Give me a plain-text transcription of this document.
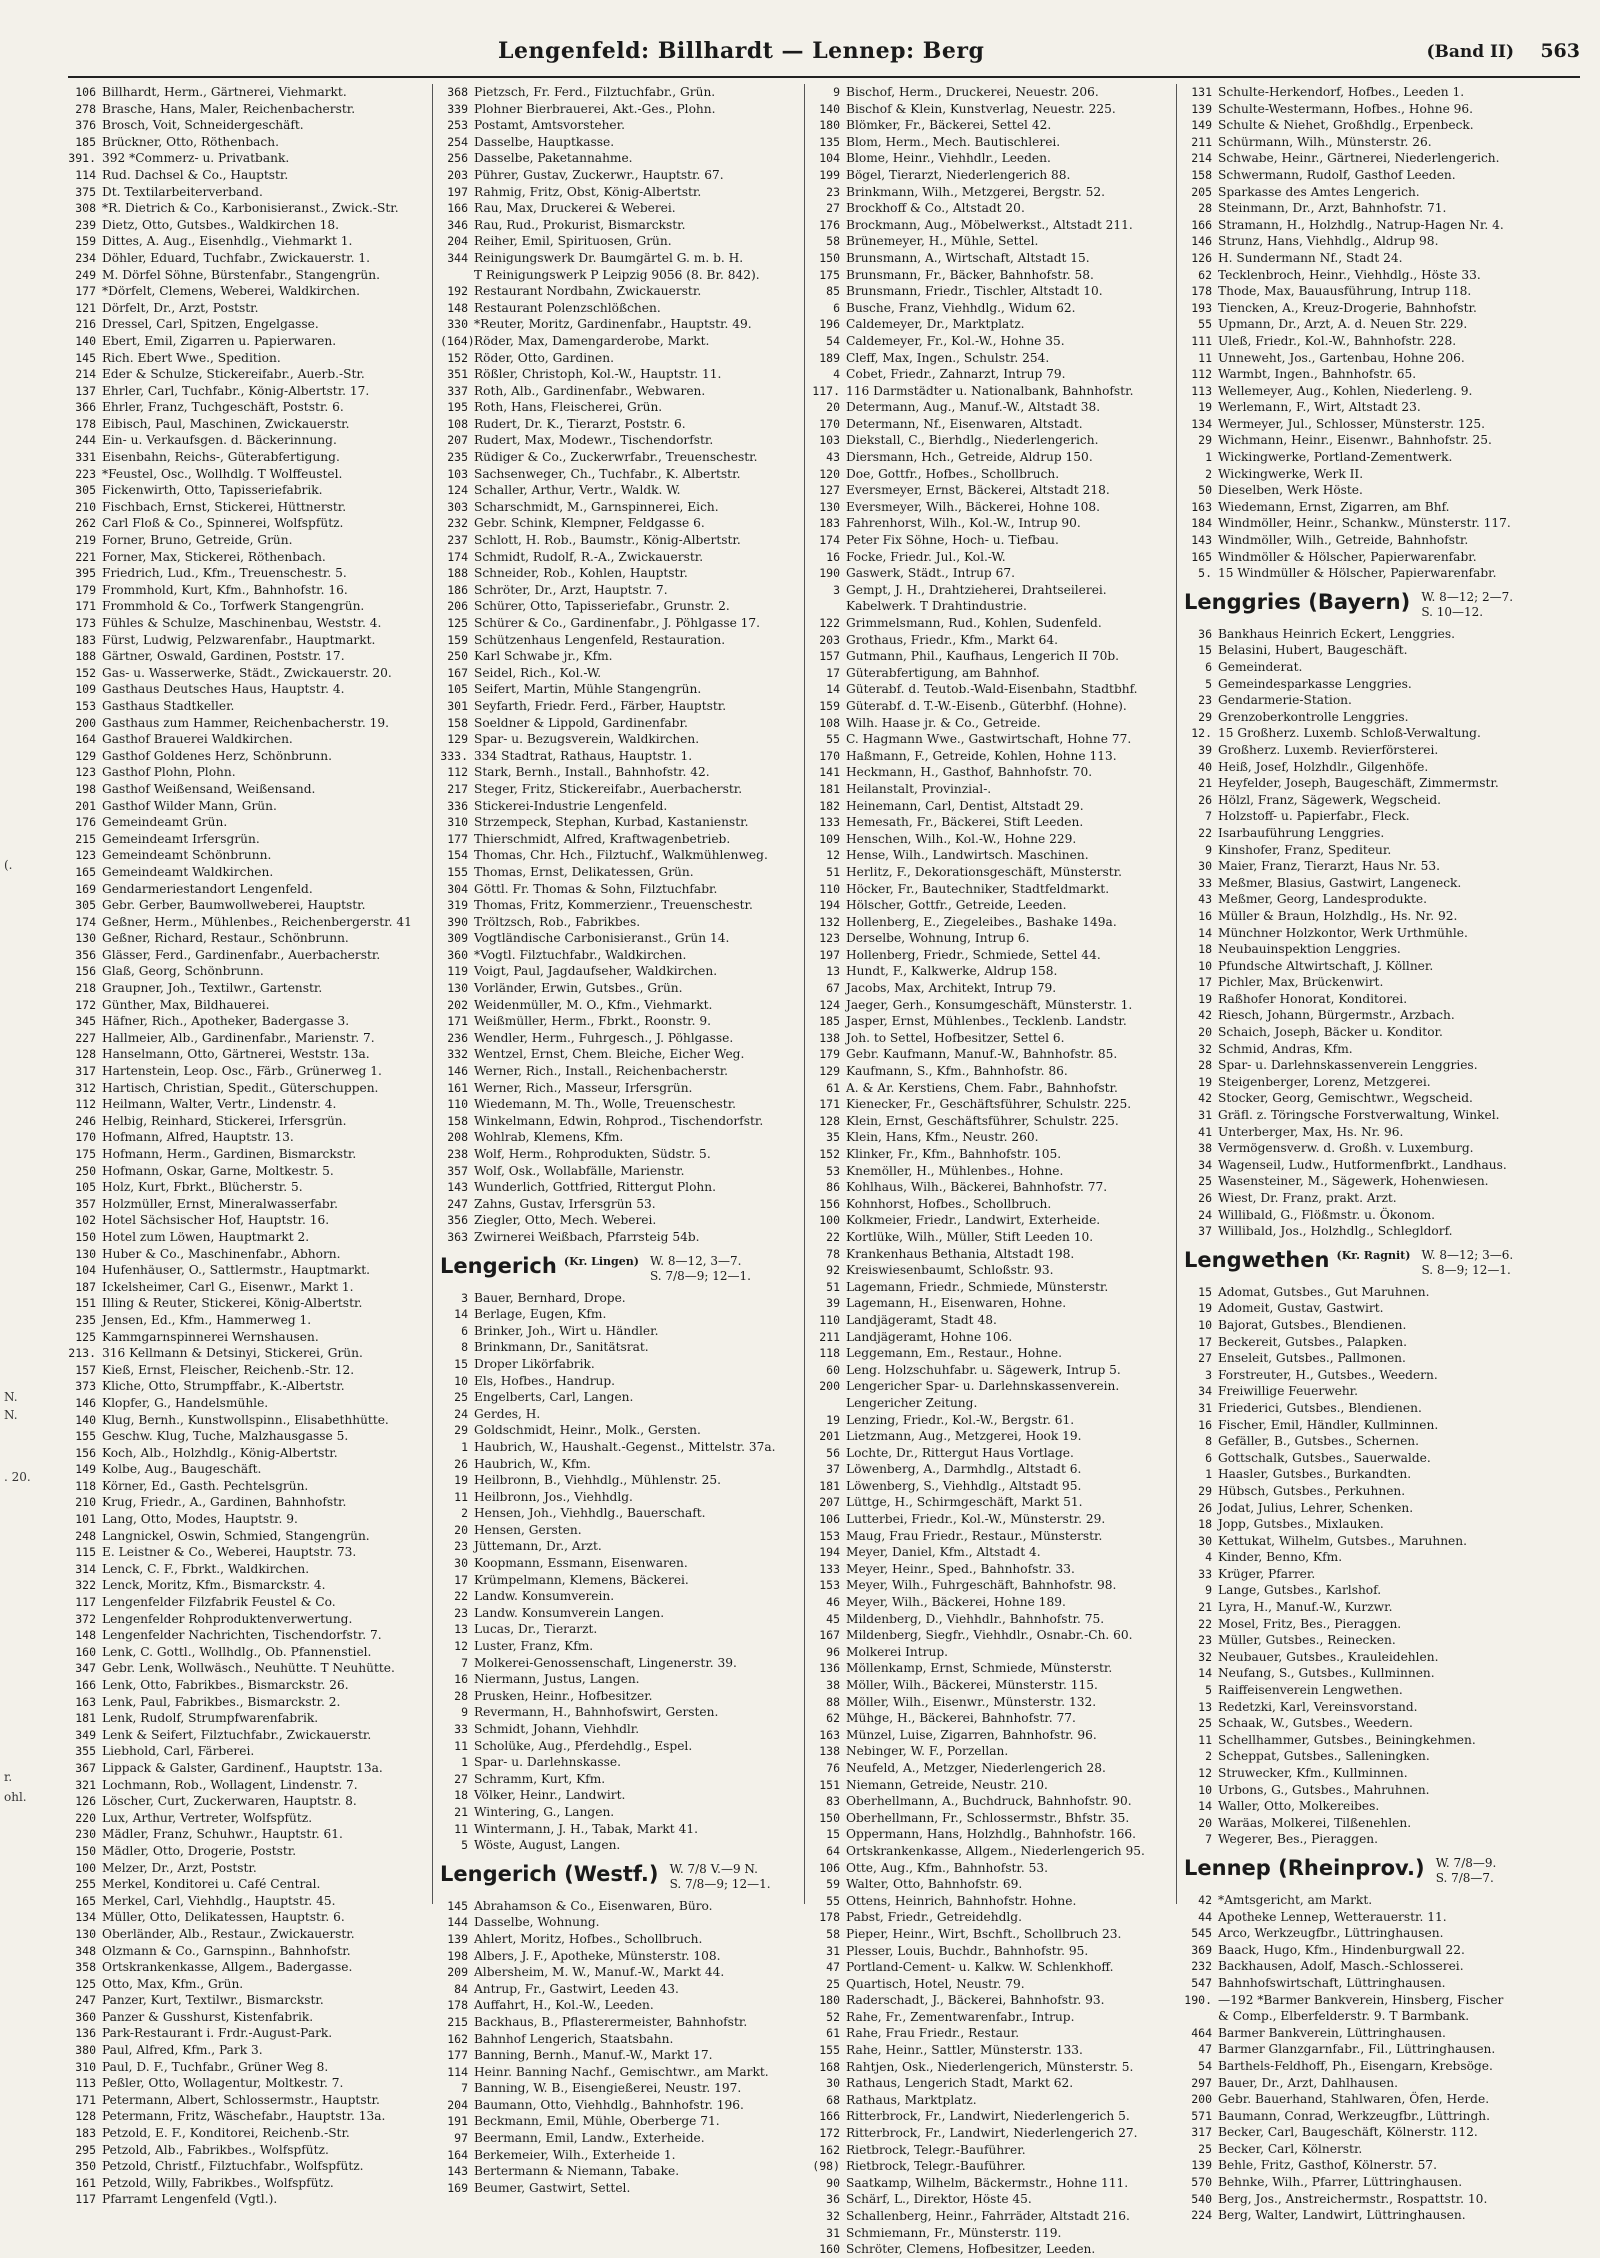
(.
N.
N.
. 20.
r.
ohl.
Lengenfeld: Billhardt — Lennep: Berg	(Band II) 563
106 Billhardt, Herm., Gärtnerei, Viehmarkt.
278 Brasche, Hans, Maler, Reichenbacherstr.
376 Brosch, Voit, Schneidergeschäft.
185 Brückner, Otto, Röthenbach.
391. 392 *Commerz- u. Privatbank.
114 Rud. Dachsel & Co., Hauptstr.
375 Dt. Textilarbeiterverband.
308 *R. Dietrich & Co., Karbonisieranst., Zwick.-Str.
239 Dietz, Otto, Gutsbes., Waldkirchen 18.
159 Dittes, A. Aug., Eisenhdlg., Viehmarkt 1.
234 Döhler, Eduard, Tuchfabr., Zwickauerstr. 1.
249 M. Dörfel Söhne, Bürstenfabr., Stangengrün.
177 *Dörfelt, Clemens, Weberei, Waldkirchen.
121 Dörfelt, Dr., Arzt, Poststr.
216 Dressel, Carl, Spitzen, Engelgasse.
140 Ebert, Emil, Zigarren u. Papierwaren.
145 Rich. Ebert Wwe., Spedition.
214 Eder & Schulze, Stickereifabr., Auerb.-Str.
137 Ehrler, Carl, Tuchfabr., König-Albertstr. 17.
366 Ehrler, Franz, Tuchgeschäft, Poststr. 6.
178 Eibisch, Paul, Maschinen, Zwickauerstr.
244 Ein- u. Verkaufsgen. d. Bäckerinnung.
331 Eisenbahn, Reichs-, Güterabfertigung.
223 *Feustel, Osc., Wollhdlg. T Wolffeustel.
305 Fickenwirth, Otto, Tapisseriefabrik.
210 Fischbach, Ernst, Stickerei, Hüttnerstr.
262 Carl Floß & Co., Spinnerei, Wolfspfütz.
219 Forner, Bruno, Getreide, Grün.
221 Forner, Max, Stickerei, Röthenbach.
395 Friedrich, Lud., Kfm., Treuenschestr. 5.
179 Frommhold, Kurt, Kfm., Bahnhofstr. 16.
171 Frommhold & Co., Torfwerk Stangengrün.
173 Fühles & Schulze, Maschinenbau, Weststr. 4.
183 Fürst, Ludwig, Pelzwarenfabr., Hauptmarkt.
188 Gärtner, Oswald, Gardinen, Poststr. 17.
152 Gas- u. Wasserwerke, Städt., Zwickauerstr. 20.
109 Gasthaus Deutsches Haus, Hauptstr. 4.
153 Gasthaus Stadtkeller.
200 Gasthaus zum Hammer, Reichenbacherstr. 19.
164 Gasthof Brauerei Waldkirchen.
129 Gasthof Goldenes Herz, Schönbrunn.
123 Gasthof Plohn, Plohn.
198 Gasthof Weißensand, Weißensand.
201 Gasthof Wilder Mann, Grün.
176 Gemeindeamt Grün.
215 Gemeindeamt Irfersgrün.
123 Gemeindeamt Schönbrunn.
165 Gemeindeamt Waldkirchen.
169 Gendarmeriestandort Lengenfeld.
305 Gebr. Gerber, Baumwollweberei, Hauptstr.
174 Geßner, Herm., Mühlenbes., Reichenbergerstr. 41
130 Geßner, Richard, Restaur., Schönbrunn.
356 Glässer, Ferd., Gardinenfabr., Auerbacherstr.
156 Glaß, Georg, Schönbrunn.
218 Graupner, Joh., Textilwr., Gartenstr.
172 Günther, Max, Bildhauerei.
345 Häfner, Rich., Apotheker, Badergasse 3.
227 Hallmeier, Alb., Gardinenfabr., Marienstr. 7.
128 Hanselmann, Otto, Gärtnerei, Weststr. 13a.
317 Hartenstein, Leop. Osc., Färb., Grünerweg 1.
312 Hartisch, Christian, Spedit., Güterschuppen.
112 Heilmann, Walter, Vertr., Lindenstr. 4.
246 Helbig, Reinhard, Stickerei, Irfersgrün.
170 Hofmann, Alfred, Hauptstr. 13.
175 Hofmann, Herm., Gardinen, Bismarckstr.
250 Hofmann, Oskar, Garne, Moltkestr. 5.
105 Holz, Kurt, Fbrkt., Blücherstr. 5.
357 Holzmüller, Ernst, Mineralwasserfabr.
102 Hotel Sächsischer Hof, Hauptstr. 16.
150 Hotel zum Löwen, Hauptmarkt 2.
130 Huber & Co., Maschinenfabr., Abhorn.
104 Hufenhäuser, O., Sattlermstr., Hauptmarkt.
187 Ickelsheimer, Carl G., Eisenwr., Markt 1.
151 Illing & Reuter, Stickerei, König-Albertstr.
235 Jensen, Ed., Kfm., Hammerweg 1.
125 Kammgarnspinnerei Wernshausen.
213. 316 Kellmann & Detsinyi, Stickerei, Grün.
157 Kieß, Ernst, Fleischer, Reichenb.-Str. 12.
373 Kliche, Otto, Strumpffabr., K.-Albertstr.
146 Klopfer, G., Handelsmühle.
140 Klug, Bernh., Kunstwollspinn., Elisabethhütte.
155 Geschw. Klug, Tuche, Malzhausgasse 5.
156 Koch, Alb., Holzhdlg., König-Albertstr.
149 Kolbe, Aug., Baugeschäft.
118 Körner, Ed., Gasth. Pechtelsgrün.
210 Krug, Friedr., A., Gardinen, Bahnhofstr.
101 Lang, Otto, Modes, Hauptstr. 9.
248 Langnickel, Oswin, Schmied, Stangengrün.
115 E. Leistner & Co., Weberei, Hauptstr. 73.
314 Lenck, C. F., Fbrkt., Waldkirchen.
322 Lenck, Moritz, Kfm., Bismarckstr. 4.
117 Lengenfelder Filzfabrik Feustel & Co.
372 Lengenfelder Rohproduktenverwertung.
148 Lengenfelder Nachrichten, Tischendorfstr. 7.
160 Lenk, C. Gottl., Wollhdlg., Ob. Pfannenstiel.
347 Gebr. Lenk, Wollwäsch., Neuhütte. T Neuhütte.
166 Lenk, Otto, Fabrikbes., Bismarckstr. 26.
163 Lenk, Paul, Fabrikbes., Bismarckstr. 2.
181 Lenk, Rudolf, Strumpfwarenfabrik.
349 Lenk & Seifert, Filztuchfabr., Zwickauerstr.
355 Liebhold, Carl, Färberei.
367 Lippack & Galster, Gardinenf., Hauptstr. 13a.
321 Lochmann, Rob., Wollagent, Lindenstr. 7.
126 Löscher, Curt, Zuckerwaren, Hauptstr. 8.
220 Lux, Arthur, Vertreter, Wolfspfütz.
230 Mädler, Franz, Schuhwr., Hauptstr. 61.
150 Mädler, Otto, Drogerie, Poststr.
100 Melzer, Dr., Arzt, Poststr.
255 Merkel, Konditorei u. Café Central.
165 Merkel, Carl, Viehhdlg., Hauptstr. 45.
134 Müller, Otto, Delikatessen, Hauptstr. 6.
130 Oberländer, Alb., Restaur., Zwickauerstr.
348 Olzmann & Co., Garnspinn., Bahnhofstr.
358 Ortskrankenkasse, Allgem., Badergasse.
125 Otto, Max, Kfm., Grün.
247 Panzer, Kurt, Textilwr., Bismarckstr.
360 Panzer & Gusshurst, Kistenfabrik.
136 Park-Restaurant i. Frdr.-August-Park.
380 Paul, Alfred, Kfm., Park 3.
310 Paul, D. F., Tuchfabr., Grüner Weg 8.
113 Peßler, Otto, Wollagentur, Moltkestr. 7.
171 Petermann, Albert, Schlossermstr., Hauptstr.
128 Petermann, Fritz, Wäschefabr., Hauptstr. 13a.
183 Petzold, E. F., Konditorei, Reichenb.-Str.
295 Petzold, Alb., Fabrikbes., Wolfspfütz.
350 Petzold, Christf., Filztuchfabr., Wolfspfütz.
161 Petzold, Willy, Fabrikbes., Wolfspfütz.
117 Pfarramt Lengenfeld (Vgtl.).
368 Pietzsch, Fr. Ferd., Filztuchfabr., Grün.
339 Plohner Bierbrauerei, Akt.-Ges., Plohn.
253 Postamt, Amtsvorsteher.
254 Dasselbe, Hauptkasse.
256 Dasselbe, Paketannahme.
203 Pührer, Gustav, Zuckerwr., Hauptstr. 67.
197 Rahmig, Fritz, Obst, König-Albertstr.
166 Rau, Max, Druckerei & Weberei.
346 Rau, Rud., Prokurist, Bismarckstr.
204 Reiher, Emil, Spirituosen, Grün.
344 Reinigungswerk Dr. Baumgärtel G. m. b. H.
T Reinigungswerk P Leipzig 9056 (8. Br. 842).
192 Restaurant Nordbahn, Zwickauerstr.
148 Restaurant Polenzschlößchen.
330 *Reuter, Moritz, Gardinenfabr., Hauptstr. 49.
(164)Röder, Max, Damengarderobe, Markt.
152 Röder, Otto, Gardinen.
351 Rößler, Christoph, Kol.-W., Hauptstr. 11.
337 Roth, Alb., Gardinenfabr., Webwaren.
195 Roth, Hans, Fleischerei, Grün.
108 Rudert, Dr. K., Tierarzt, Poststr. 6.
207 Rudert, Max, Modewr., Tischendorfstr.
235 Rüdiger & Co., Zuckerwrfabr., Treuenschestr.
103 Sachsenweger, Ch., Tuchfabr., K. Albertstr.
124 Schaller, Arthur, Vertr., Waldk. W.
303 Scharschmidt, M., Garnspinnerei, Eich.
232 Gebr. Schink, Klempner, Feldgasse 6.
237 Schlott, H. Rob., Baumstr., König-Albertstr.
174 Schmidt, Rudolf, R.-A., Zwickauerstr.
188 Schneider, Rob., Kohlen, Hauptstr.
186 Schröter, Dr., Arzt, Hauptstr. 7.
206 Schürer, Otto, Tapisseriefabr., Grunstr. 2.
125 Schürer & Co., Gardinenfabr., J. Pöhlgasse 17.
159 Schützenhaus Lengenfeld, Restauration.
250 Karl Schwabe jr., Kfm.
167 Seidel, Rich., Kol.-W.
105 Seifert, Martin, Mühle Stangengrün.
301 Seyfarth, Friedr. Ferd., Färber, Hauptstr.
158 Soeldner & Lippold, Gardinenfabr.
129 Spar- u. Bezugsverein, Waldkirchen.
333. 334 Stadtrat, Rathaus, Hauptstr. 1.
112 Stark, Bernh., Install., Bahnhofstr. 42.
217 Steger, Fritz, Stickereifabr., Auerbacherstr.
336 Stickerei-Industrie Lengenfeld.
310 Strzempeck, Stephan, Kurbad, Kastanienstr.
177 Thierschmidt, Alfred, Kraftwagenbetrieb.
154 Thomas, Chr. Hch., Filztuchf., Walkmühlenweg.
155 Thomas, Ernst, Delikatessen, Grün.
304 Göttl. Fr. Thomas & Sohn, Filztuchfabr.
319 Thomas, Fritz, Kommerzienr., Treuenschestr.
390 Tröltzsch, Rob., Fabrikbes.
309 Vogtländische Carbonisieranst., Grün 14.
360 *Vogtl. Filztuchfabr., Waldkirchen.
119 Voigt, Paul, Jagdaufseher, Waldkirchen.
130 Vorländer, Erwin, Gutsbes., Grün.
202 Weidenmüller, M. O., Kfm., Viehmarkt.
171 Weißmüller, Herm., Fbrkt., Roonstr. 9.
236 Wendler, Herm., Fuhrgesch., J. Pöhlgasse.
332 Wentzel, Ernst, Chem. Bleiche, Eicher Weg.
146 Werner, Rich., Install., Reichenbacherstr.
161 Werner, Rich., Masseur, Irfersgrün.
110 Wiedemann, M. Th., Wolle, Treuenschestr.
158 Winkelmann, Edwin, Rohprod., Tischendorfstr.
208 Wohlrab, Klemens, Kfm.
238 Wolf, Herm., Rohprodukten, Südstr. 5.
357 Wolf, Osk., Wollabfälle, Marienstr.
143 Wunderlich, Gottfried, Rittergut Plohn.
247 Zahns, Gustav, Irfersgrün 53.
356 Ziegler, Otto, Mech. Weberei.
363 Zwirnerei Weißbach, Pfarrsteig 54b.
Lengerich (Kr. Lingen) W. 8—12, 3—7.
S. 7/8—9; 12—1.
3 Bauer, Bernhard, Drope.
14 Berlage, Eugen, Kfm.
6 Brinker, Joh., Wirt u. Händler.
8 Brinkmann, Dr., Sanitätsrat.
15 Droper Likörfabrik.
10 Els, Hofbes., Handrup.
25 Engelberts, Carl, Langen.
24 Gerdes, H.
29 Goldschmidt, Heinr., Molk., Gersten.
1 Haubrich, W., Haushalt.-Gegenst., Mittelstr. 37a.
26 Haubrich, W., Kfm.
19 Heilbronn, B., Viehhdlg., Mühlenstr. 25.
11 Heilbronn, Jos., Viehhdlg.
2 Hensen, Joh., Viehhdlg., Bauerschaft.
20 Hensen, Gersten.
23 Jüttemann, Dr., Arzt.
30 Koopmann, Essmann, Eisenwaren.
17 Krümpelmann, Klemens, Bäckerei.
22 Landw. Konsumverein.
23 Landw. Konsumverein Langen.
13 Lucas, Dr., Tierarzt.
12 Luster, Franz, Kfm.
7 Molkerei-Genossenschaft, Lingenerstr. 39.
16 Niermann, Justus, Langen.
28 Prusken, Heinr., Hofbesitzer.
9 Revermann, H., Bahnhofswirt, Gersten.
33 Schmidt, Johann, Viehhdlr.
11 Scholüke, Aug., Pferdehdlg., Espel.
1 Spar- u. Darlehnskasse.
27 Schramm, Kurt, Kfm.
18 Völker, Heinr., Landwirt.
21 Wintering, G., Langen.
11 Wintermann, J. H., Tabak, Markt 41.
5 Wöste, August, Langen.
Lengerich (Westf.) W. 7/8 V.—9 N.
S. 7/8—9; 12—1.
145 Abrahamson & Co., Eisenwaren, Büro.
144 Dasselbe, Wohnung.
139 Ahlert, Moritz, Hofbes., Schollbruch.
198 Albers, J. F., Apotheke, Münsterstr. 108.
209 Albersheim, M. W., Manuf.-W., Markt 44.
84 Antrup, Fr., Gastwirt, Leeden 43.
178 Auffahrt, H., Kol.-W., Leeden.
215 Backhaus, B., Pflasterermeister, Bahnhofstr.
162 Bahnhof Lengerich, Staatsbahn.
177 Banning, Bernh., Manuf.-W., Markt 17.
114 Heinr. Banning Nachf., Gemischtwr., am Markt.
7 Banning, W. B., Eisengießerei, Neustr. 197.
204 Baumann, Otto, Viehhdlg., Bahnhofstr. 196.
191 Beckmann, Emil, Mühle, Oberberge 71.
97 Beermann, Emil, Landw., Exterheide.
164 Berkemeier, Wilh., Exterheide 1.
143 Bertermann & Niemann, Tabake.
169 Beumer, Gastwirt, Settel.
9 Bischof, Herm., Druckerei, Neuestr. 206.
140 Bischof & Klein, Kunstverlag, Neuestr. 225.
180 Blömker, Fr., Bäckerei, Settel 42.
135 Blom, Herm., Mech. Bautischlerei.
104 Blome, Heinr., Viehhdlr., Leeden.
199 Bögel, Tierarzt, Niederlengerich 88.
23 Brinkmann, Wilh., Metzgerei, Bergstr. 52.
27 Brockhoff & Co., Altstadt 20.
176 Brockmann, Aug., Möbelwerkst., Altstadt 211.
58 Brünemeyer, H., Mühle, Settel.
150 Brunsmann, A., Wirtschaft, Altstadt 15.
175 Brunsmann, Fr., Bäcker, Bahnhofstr. 58.
85 Brunsmann, Friedr., Tischler, Altstadt 10.
6 Busche, Franz, Viehhdlg., Widum 62.
196 Caldemeyer, Dr., Marktplatz.
54 Caldemeyer, Fr., Kol.-W., Hohne 35.
189 Cleff, Max, Ingen., Schulstr. 254.
4 Cobet, Friedr., Zahnarzt, Intrup 79.
117. 116 Darmstädter u. Nationalbank, Bahnhofstr.
20 Determann, Aug., Manuf.-W., Altstadt 38.
170 Determann, Nf., Eisenwaren, Altstadt.
103 Diekstall, C., Bierhdlg., Niederlengerich.
43 Diersmann, Hch., Getreide, Aldrup 150.
120 Doe, Gottfr., Hofbes., Schollbruch.
127 Eversmeyer, Ernst, Bäckerei, Altstadt 218.
130 Eversmeyer, Wilh., Bäckerei, Hohne 108.
183 Fahrenhorst, Wilh., Kol.-W., Intrup 90.
174 Peter Fix Söhne, Hoch- u. Tiefbau.
16 Focke, Friedr. Jul., Kol.-W.
190 Gaswerk, Städt., Intrup 67.
3 Gempt, J. H., Drahtzieherei, Drahtseilerei.
Kabelwerk. T Drahtindustrie.
122 Grimmelsmann, Rud., Kohlen, Sudenfeld.
203 Grothaus, Friedr., Kfm., Markt 64.
157 Gutmann, Phil., Kaufhaus, Lengerich II 70b.
17 Güterabfertigung, am Bahnhof.
14 Güterabf. d. Teutob.-Wald-Eisenbahn, Stadtbhf.
159 Güterabf. d. T.-W.-Eisenb., Güterbhf. (Hohne).
108 Wilh. Haase jr. & Co., Getreide.
55 C. Hagmann Wwe., Gastwirtschaft, Hohne 77.
170 Haßmann, F., Getreide, Kohlen, Hohne 113.
141 Heckmann, H., Gasthof, Bahnhofstr. 70.
181 Heilanstalt, Provinzial-.
182 Heinemann, Carl, Dentist, Altstadt 29.
133 Hemesath, Fr., Bäckerei, Stift Leeden.
109 Henschen, Wilh., Kol.-W., Hohne 229.
12 Hense, Wilh., Landwirtsch. Maschinen.
51 Herlitz, F., Dekorationsgeschäft, Münsterstr.
110 Höcker, Fr., Bautechniker, Stadtfeldmarkt.
194 Hölscher, Gottfr., Getreide, Leeden.
132 Hollenberg, E., Ziegeleibes., Bashake 149a.
123 Derselbe, Wohnung, Intrup 6.
197 Hollenberg, Friedr., Schmiede, Settel 44.
13 Hundt, F., Kalkwerke, Aldrup 158.
67 Jacobs, Max, Architekt, Intrup 79.
124 Jaeger, Gerh., Konsumgeschäft, Münsterstr. 1.
185 Jasper, Ernst, Mühlenbes., Tecklenb. Landstr.
138 Joh. to Settel, Hofbesitzer, Settel 6.
179 Gebr. Kaufmann, Manuf.-W., Bahnhofstr. 85.
129 Kaufmann, S., Kfm., Bahnhofstr. 86.
61 A. & Ar. Kerstiens, Chem. Fabr., Bahnhofstr.
171 Kienecker, Fr., Geschäftsführer, Schulstr. 225.
128 Klein, Ernst, Geschäftsführer, Schulstr. 225.
35 Klein, Hans, Kfm., Neustr. 260.
152 Klinker, Fr., Kfm., Bahnhofstr. 105.
53 Knemöller, H., Mühlenbes., Hohne.
86 Kohlhaus, Wilh., Bäckerei, Bahnhofstr. 77.
156 Kohnhorst, Hofbes., Schollbruch.
100 Kolkmeier, Friedr., Landwirt, Exterheide.
22 Kortlüke, Wilh., Müller, Stift Leeden 10.
78 Krankenhaus Bethania, Altstadt 198.
92 Kreiswiesenbaumt, Schloßstr. 93.
51 Lagemann, Friedr., Schmiede, Münsterstr.
39 Lagemann, H., Eisenwaren, Hohne.
110 Landjägeramt, Stadt 48.
211 Landjägeramt, Hohne 106.
118 Leggemann, Em., Restaur., Hohne.
60 Leng. Holzschuhfabr. u. Sägewerk, Intrup 5.
200 Lengericher Spar- u. Darlehnskassenverein.
Lengericher Zeitung.
19 Lenzing, Friedr., Kol.-W., Bergstr. 61.
201 Lietzmann, Aug., Metzgerei, Hook 19.
56 Lochte, Dr., Rittergut Haus Vortlage.
37 Löwenberg, A., Darmhdlg., Altstadt 6.
181 Löwenberg, S., Viehhdlg., Altstadt 95.
207 Lüttge, H., Schirmgeschäft, Markt 51.
106 Lutterbei, Friedr., Kol.-W., Münsterstr. 29.
153 Maug, Frau Friedr., Restaur., Münsterstr.
194 Meyer, Daniel, Kfm., Altstadt 4.
133 Meyer, Heinr., Sped., Bahnhofstr. 33.
153 Meyer, Wilh., Fuhrgeschäft, Bahnhofstr. 98.
46 Meyer, Wilh., Bäckerei, Hohne 189.
45 Mildenberg, D., Viehhdlr., Bahnhofstr. 75.
167 Mildenberg, Siegfr., Viehhdlr., Osnabr.-Ch. 60.
96 Molkerei Intrup.
136 Möllenkamp, Ernst, Schmiede, Münsterstr.
38 Möller, Wilh., Bäckerei, Münsterstr. 115.
88 Möller, Wilh., Eisenwr., Münsterstr. 132.
62 Mühge, H., Bäckerei, Bahnhofstr. 77.
163 Münzel, Luise, Zigarren, Bahnhofstr. 96.
138 Nebinger, W. F., Porzellan.
76 Neufeld, A., Metzger, Niederlengerich 28.
151 Niemann, Getreide, Neustr. 210.
83 Oberhellmann, A., Buchdruck, Bahnhofstr. 90.
150 Oberhellmann, Fr., Schlossermstr., Bhfstr. 35.
15 Oppermann, Hans, Holzhdlg., Bahnhofstr. 166.
64 Ortskrankenkasse, Allgem., Niederlengerich 95.
106 Otte, Aug., Kfm., Bahnhofstr. 53.
59 Walter, Otto, Bahnhofstr. 69.
55 Ottens, Heinrich, Bahnhofstr. Hohne.
178 Pabst, Friedr., Getreidehdlg.
58 Pieper, Heinr., Wirt, Bschft., Schollbruch 23.
31 Plesser, Louis, Buchdr., Bahnhofstr. 95.
47 Portland-Cement- u. Kalkw. W. Schlenkhoff.
25 Quartisch, Hotel, Neustr. 79.
180 Raderschadt, J., Bäckerei, Bahnhofstr. 93.
52 Rahe, Fr., Zementwarenfabr., Intrup.
61 Rahe, Frau Friedr., Restaur.
155 Rahe, Heinr., Sattler, Münsterstr. 133.
168 Rahtjen, Osk., Niederlengerich, Münsterstr. 5.
30 Rathaus, Lengerich Stadt, Markt 62.
68 Rathaus, Marktplatz.
166 Ritterbrock, Fr., Landwirt, Niederlengerich 5.
172 Ritterbrock, Fr., Landwirt, Niederlengerich 27.
162 Rietbrock, Telegr.-Bauführer.
(98) Rietbrock, Telegr.-Bauführer.
90 Saatkamp, Wilhelm, Bäckermstr., Hohne 111.
36 Schärf, L., Direktor, Höste 45.
32 Schallenberg, Heinr., Fahrräder, Altstadt 216.
31 Schmiemann, Fr., Münsterstr. 119.
160 Schröter, Clemens, Hofbesitzer, Leeden.
131 Schulte-Herkendorf, Hofbes., Leeden 1.
139 Schulte-Westermann, Hofbes., Hohne 96.
149 Schulte & Niehet, Großhdlg., Erpenbeck.
211 Schürmann, Wilh., Münsterstr. 26.
214 Schwabe, Heinr., Gärtnerei, Niederlengerich.
158 Schwermann, Rudolf, Gasthof Leeden.
205 Sparkasse des Amtes Lengerich.
28 Steinmann, Dr., Arzt, Bahnhofstr. 71.
166 Stramann, H., Holzhdlg., Natrup-Hagen Nr. 4.
146 Strunz, Hans, Viehhdlg., Aldrup 98.
126 H. Sundermann Nf., Stadt 24.
62 Tecklenbroch, Heinr., Viehhdlg., Höste 33.
178 Thode, Max, Bauausführung, Intrup 118.
193 Tiencken, A., Kreuz-Drogerie, Bahnhofstr.
55 Upmann, Dr., Arzt, A. d. Neuen Str. 229.
111 Uleß, Friedr., Kol.-W., Bahnhofstr. 228.
11 Unneweht, Jos., Gartenbau, Hohne 206.
112 Warmbt, Ingen., Bahnhofstr. 65.
113 Wellemeyer, Aug., Kohlen, Niederleng. 9.
19 Werlemann, F., Wirt, Altstadt 23.
134 Wermeyer, Jul., Schlosser, Münsterstr. 125.
29 Wichmann, Heinr., Eisenwr., Bahnhofstr. 25.
1 Wickingwerke, Portland-Zementwerk.
2 Wickingwerke, Werk II.
50 Dieselben, Werk Höste.
163 Wiedemann, Ernst, Zigarren, am Bhf.
184 Windmöller, Heinr., Schankw., Münsterstr. 117.
143 Windmöller, Wilh., Getreide, Bahnhofstr.
165 Windmöller & Hölscher, Papierwarenfabr.
5. 15 Windmüller & Hölscher, Papierwarenfabr.
Lenggries (Bayern) W. 8—12; 2—7.
S. 10—12.
36 Bankhaus Heinrich Eckert, Lenggries.
15 Belasini, Hubert, Baugeschäft.
6 Gemeinderat.
5 Gemeindesparkasse Lenggries.
23 Gendarmerie-Station.
29 Grenzoberkontrolle Lenggries.
12. 15 Großherz. Luxemb. Schloß-Verwaltung.
39 Großherz. Luxemb. Revierförsterei.
40 Heiß, Josef, Holzhdlr., Gilgenhöfe.
21 Heyfelder, Joseph, Baugeschäft, Zimmermstr.
26 Hölzl, Franz, Sägewerk, Wegscheid.
7 Holzstoff- u. Papierfabr., Fleck.
22 Isarbauführung Lenggries.
9 Kinshofer, Franz, Spediteur.
30 Maier, Franz, Tierarzt, Haus Nr. 53.
33 Meßmer, Blasius, Gastwirt, Langeneck.
43 Meßmer, Georg, Landesprodukte.
16 Müller & Braun, Holzhdlg., Hs. Nr. 92.
14 Münchner Holzkontor, Werk Urthmühle.
18 Neubauinspektion Lenggries.
10 Pfundsche Altwirtschaft, J. Köllner.
17 Pichler, Max, Brückenwirt.
19 Raßhofer Honorat, Konditorei.
42 Riesch, Johann, Bürgermstr., Arzbach.
20 Schaich, Joseph, Bäcker u. Konditor.
32 Schmid, Andras, Kfm.
28 Spar- u. Darlehnskassenverein Lenggries.
19 Steigenberger, Lorenz, Metzgerei.
42 Stocker, Georg, Gemischtwr., Wegscheid.
31 Gräfl. z. Töringsche Forstverwaltung, Winkel.
41 Unterberger, Max, Hs. Nr. 96.
38 Vermögensverw. d. Großh. v. Luxemburg.
34 Wagenseil, Ludw., Hutformenfbrkt., Landhaus.
25 Wasensteiner, M., Sägewerk, Hohenwiesen.
26 Wiest, Dr. Franz, prakt. Arzt.
24 Willibald, G., Flößmstr. u. Ökonom.
37 Willibald, Jos., Holzhdlg., Schlegldorf.
Lengwethen (Kr. Ragnit) W. 8—12; 3—6.
S. 8—9; 12—1.
15 Adomat, Gutsbes., Gut Maruhnen.
19 Adomeit, Gustav, Gastwirt.
10 Bajorat, Gutsbes., Blendienen.
17 Beckereit, Gutsbes., Palapken.
27 Enseleit, Gutsbes., Pallmonen.
3 Forstreuter, H., Gutsbes., Weedern.
34 Freiwillige Feuerwehr.
31 Friederici, Gutsbes., Blendienen.
16 Fischer, Emil, Händler, Kullminnen.
8 Gefäller, B., Gutsbes., Schernen.
6 Gottschalk, Gutsbes., Sauerwalde.
1 Haasler, Gutsbes., Burkandten.
29 Hübsch, Gutsbes., Perkuhnen.
26 Jodat, Julius, Lehrer, Schenken.
18 Jopp, Gutsbes., Mixlauken.
30 Kettukat, Wilhelm, Gutsbes., Maruhnen.
4 Kinder, Benno, Kfm.
33 Krüger, Pfarrer.
9 Lange, Gutsbes., Karlshof.
21 Lyra, H., Manuf.-W., Kurzwr.
22 Mosel, Fritz, Bes., Pieraggen.
23 Müller, Gutsbes., Reinecken.
32 Neubauer, Gutsbes., Krauleidehlen.
14 Neufang, S., Gutsbes., Kullminnen.
5 Raiffeisenverein Lengwethen.
13 Redetzki, Karl, Vereinsvorstand.
25 Schaak, W., Gutsbes., Weedern.
11 Schellhammer, Gutsbes., Beiningkehmen.
2 Scheppat, Gutsbes., Salleningken.
12 Struwecker, Kfm., Kullminnen.
10 Urbons, G., Gutsbes., Mahruhnen.
14 Waller, Otto, Molkereibes.
20 Waräas, Molkerei, Tilßenehlen.
7 Wegerer, Bes., Pieraggen.
Lennep (Rheinprov.) W. 7/8—9.
S. 7/8—7.
42 *Amtsgericht, am Markt.
44 Apotheke Lennep, Wetterauerstr. 11.
545 Arco, Werkzeugfbr., Lüttringhausen.
369 Baack, Hugo, Kfm., Hindenburgwall 22.
232 Backhausen, Adolf, Masch.-Schlosserei.
547 Bahnhofswirtschaft, Lüttringhausen.
190. —192 *Barmer Bankverein, Hinsberg, Fischer
& Comp., Elberfelderstr. 9. T Barmbank.
464 Barmer Bankverein, Lüttringhausen.
47 Barmer Glanzgarnfabr., Fil., Lüttringhausen.
54 Barthels-Feldhoff, Ph., Eisengarn, Krebsöge.
297 Bauer, Dr., Arzt, Dahlhausen.
200 Gebr. Bauerhand, Stahlwaren, Öfen, Herde.
571 Baumann, Conrad, Werkzeugfbr., Lüttringh.
317 Becker, Carl, Baugeschäft, Kölnerstr. 112.
25 Becker, Carl, Kölnerstr.
139 Behle, Fritz, Gasthof, Kölnerstr. 57.
570 Behnke, Wilh., Pfarrer, Lüttringhausen.
540 Berg, Jos., Anstreichermstr., Rospattstr. 10.
224 Berg, Walter, Landwirt, Lüttringhausen.
